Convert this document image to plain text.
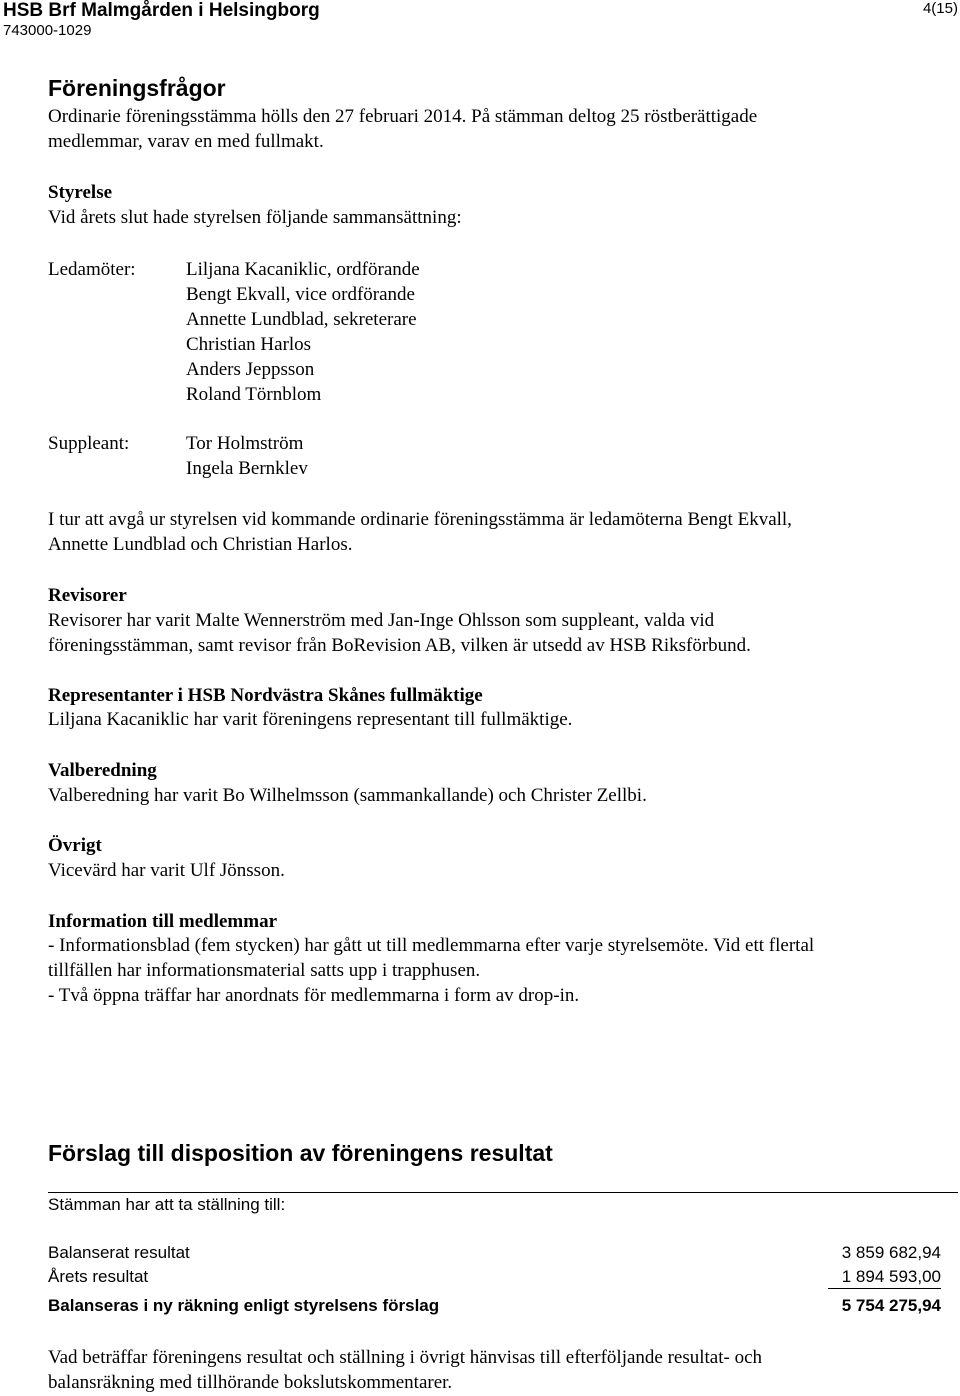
HSB Brf Malmgården i Helsingborg
743000-1029
4(15)
Föreningsfrågor
Ordinarie föreningsstämma hölls den 27 februari 2014. På stämman deltog 25 röstberättigade
medlemmar, varav en med fullmakt.
Styrelse
Vid årets slut hade styrelsen följande sammansättning:
Ledamöter:	Liljana Kacaniklic, ordförande
Bengt Ekvall, vice ordförande
Annette Lundblad, sekreterare
Christian Harlos
Anders Jeppsson
Roland Törnblom
Suppleant:	Tor Holmström
Ingela Bernklev
I tur att avgå ur styrelsen vid kommande ordinarie föreningsstämma är ledamöterna Bengt Ekvall,
Annette Lundblad och Christian Harlos.
Revisorer
Revisorer har varit Malte Wennerström med Jan-Inge Ohlsson som suppleant, valda vid
föreningsstämman, samt revisor från BoRevision AB, vilken är utsedd av HSB Riksförbund.
Representanter i HSB Nordvästra Skånes fullmäktige
Liljana Kacaniklic har varit föreningens representant till fullmäktige.
Valberedning
Valberedning har varit Bo Wilhelmsson (sammankallande) och Christer Zellbi.
Övrigt
Vicevärd har varit Ulf Jönsson.
Information till medlemmar
- Informationsblad (fem stycken) har gått ut till medlemmarna efter varje styrelsemöte. Vid ett flertal
tillfällen har informationsmaterial satts upp i trapphusen.
- Två öppna träffar har anordnats för medlemmarna i form av drop-in.
Förslag till disposition av föreningens resultat
Stämman har att ta ställning till:
Balanserat resultat	3 859 682,94
Årets resultat	1 894 593,00
Balanseras i ny räkning enligt styrelsens förslag	5 754 275,94
Vad beträffar föreningens resultat och ställning i övrigt hänvisas till efterföljande resultat- och
balansräkning med tillhörande bokslutskommentarer.
